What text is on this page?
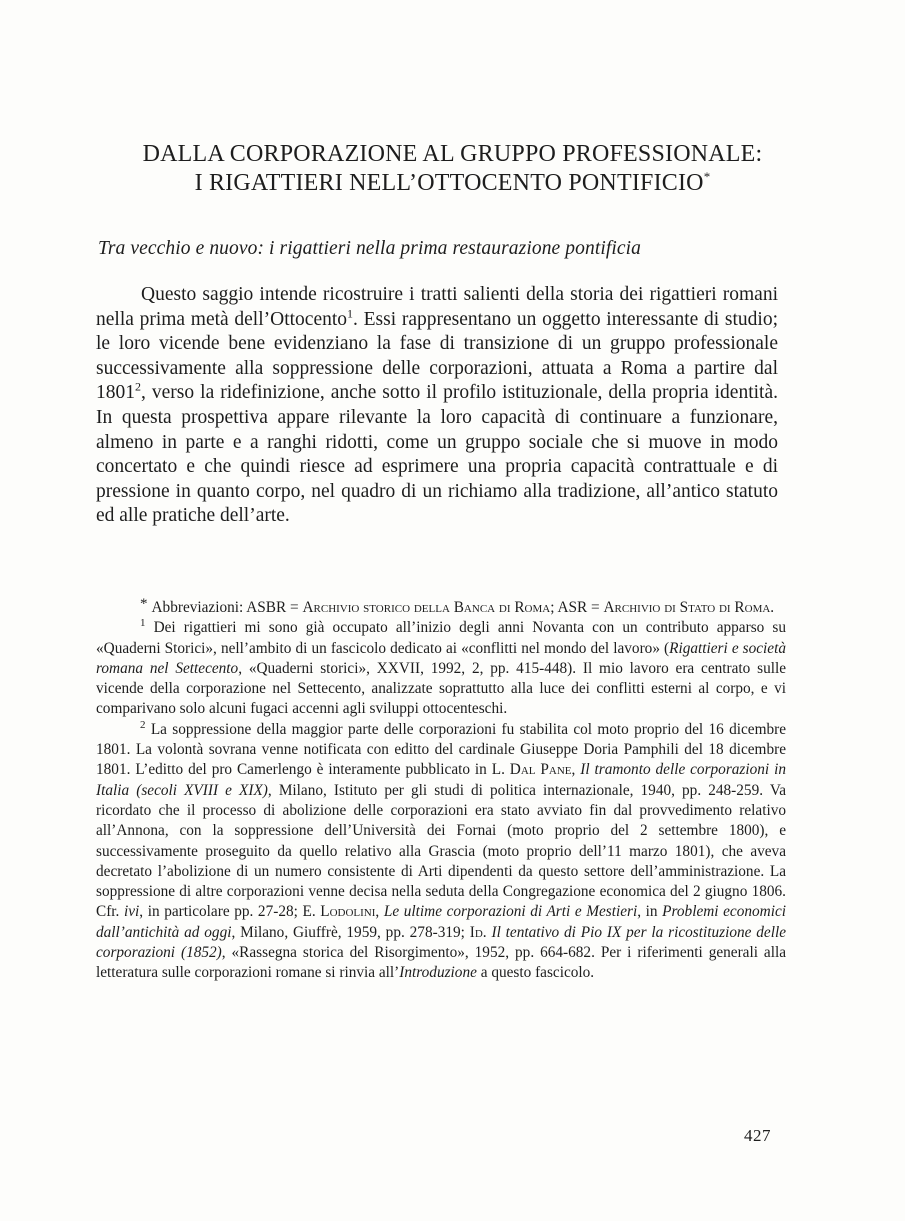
DALLA CORPORAZIONE AL GRUPPO PROFESSIONALE:
I RIGATTIERI NELL’OTTOCENTO PONTIFICIO*
Tra vecchio e nuovo: i rigattieri nella prima restaurazione pontificia

Questo saggio intende ricostruire i tratti salienti della storia dei rigattieri romani nella prima metà dell’Ottocento$^1$. Essi rappresentano un oggetto interessante di studio; le loro vicende bene evidenziano la fase di transizione di un gruppo professionale successivamente alla soppressione delle corporazioni, attuata a Roma a partire dal 1801$^2$, verso la ridefinizione, anche sotto il profilo istituzionale, della propria identità. In questa prospettiva appare rilevante la loro capacità di continuare a funzionare, almeno in parte e a ranghi ridotti, come un gruppo sociale che si muove in modo concertato e che quindi riesce ad esprimere una propria capacità contrattuale e di pressione in quanto corpo, nel quadro di un richiamo alla tradizione, all’antico statuto ed alle pratiche dell’arte.

* Abbreviazioni: ASBR = Archivio storico della Banca di Roma; ASR = Archivio di Stato di Roma.

$^1$ Dei rigattieri mi sono già occupato all’inizio degli anni Novanta con un contributo apparso su «Quaderni Storici», nell’ambito di un fascicolo dedicato ai «conflitti nel mondo del lavoro» (Rigattieri e società romana nel Settecento, «Quaderni storici», XXVII, 1992, 2, pp. 415-448). Il mio lavoro era centrato sulle vicende della corporazione nel Settecento, analizzate soprattutto alla luce dei conflitti esterni al corpo, e vi comparivano solo alcuni fugaci accenni agli sviluppi ottocenteschi.

$^2$ La soppressione della maggior parte delle corporazioni fu stabilita col moto proprio del 16 dicembre 1801. La volontà sovrana venne notificata con editto del cardinale Giuseppe Doria Pamphili del 18 dicembre 1801. L’editto del pro Camerlengo è interamente pubblicato in L. Dal Pane, Il tramonto delle corporazioni in Italia (secoli XVIII e XIX), Milano, Istituto per gli studi di politica internazionale, 1940, pp. 248-259. Va ricordato che il processo di abolizione delle corporazioni era stato avviato fin dal provvedimento relativo all’Annona, con la soppressione dell’Università dei Fornai (moto proprio del 2 settembre 1800), e successivamente proseguito da quello relativo alla Grascia (moto proprio dell’11 marzo 1801), che aveva decretato l’abolizione di un numero consistente di Arti dipendenti da questo settore dell’amministrazione. La soppressione di altre corporazioni venne decisa nella seduta della Congregazione economica del 2 giugno 1806. Cfr. ivi, in particolare pp. 27-28; E. Lodolini, Le ultime corporazioni di Arti e Mestieri, in Problemi economici dall’antichità ad oggi, Milano, Giuffrè, 1959, pp. 278-319; Id. Il tentativo di Pio IX per la ricostituzione delle corporazioni (1852), «Rassegna storica del Risorgimento», 1952, pp. 664-682. Per i riferimenti generali alla letteratura sulle corporazioni romane si rinvia all’Introduzione a questo fascicolo.

427
